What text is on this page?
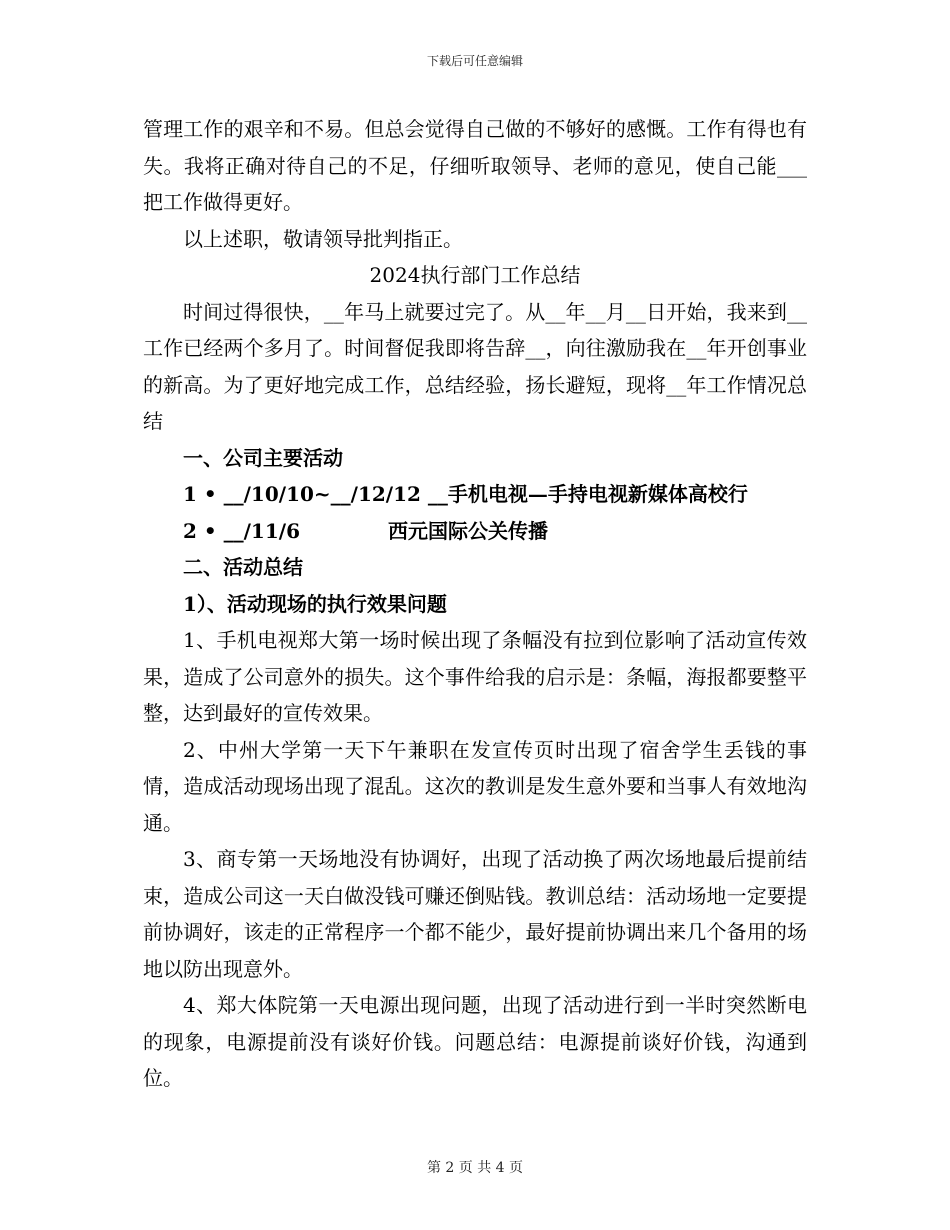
下载后可任意编辑

管理工作的艰辛和不易。但总会觉得自己做的不够好的感慨。工作有得也有失。我将正确对待自己的不足，仔细听取领导、老师的意见，使自己能___把工作做得更好。

以上述职，敬请领导批判指正。

2024执行部门工作总结

时间过得很快，__年马上就要过完了。从__年__月__日开始，我来到__工作已经两个多月了。时间督促我即将告辞__，向往激励我在__年开创事业的新高。为了更好地完成工作，总结经验，扬长避短，现将__年工作情况总结

一、公司主要活动

1 • __/10/10~__/12/12 __手机电视—手持电视新媒体高校行

2 • __/11/6	西元国际公关传播

二、活动总结

1）、活动现场的执行效果问题

1、手机电视郑大第一场时候出现了条幅没有拉到位影响了活动宣传效果，造成了公司意外的损失。这个事件给我的启示是：条幅，海报都要整平整，达到最好的宣传效果。

2、中州大学第一天下午兼职在发宣传页时出现了宿舍学生丢钱的事情，造成活动现场出现了混乱。这次的教训是发生意外要和当事人有效地沟通。

3、商专第一天场地没有协调好，出现了活动换了两次场地最后提前结束，造成公司这一天白做没钱可赚还倒贴钱。教训总结：活动场地一定要提前协调好，该走的正常程序一个都不能少，最好提前协调出来几个备用的场地以防出现意外。

4、郑大体院第一天电源出现问题，出现了活动进行到一半时突然断电的现象，电源提前没有谈好价钱。问题总结：电源提前谈好价钱，沟通到位。

第 2 页 共 4 页
